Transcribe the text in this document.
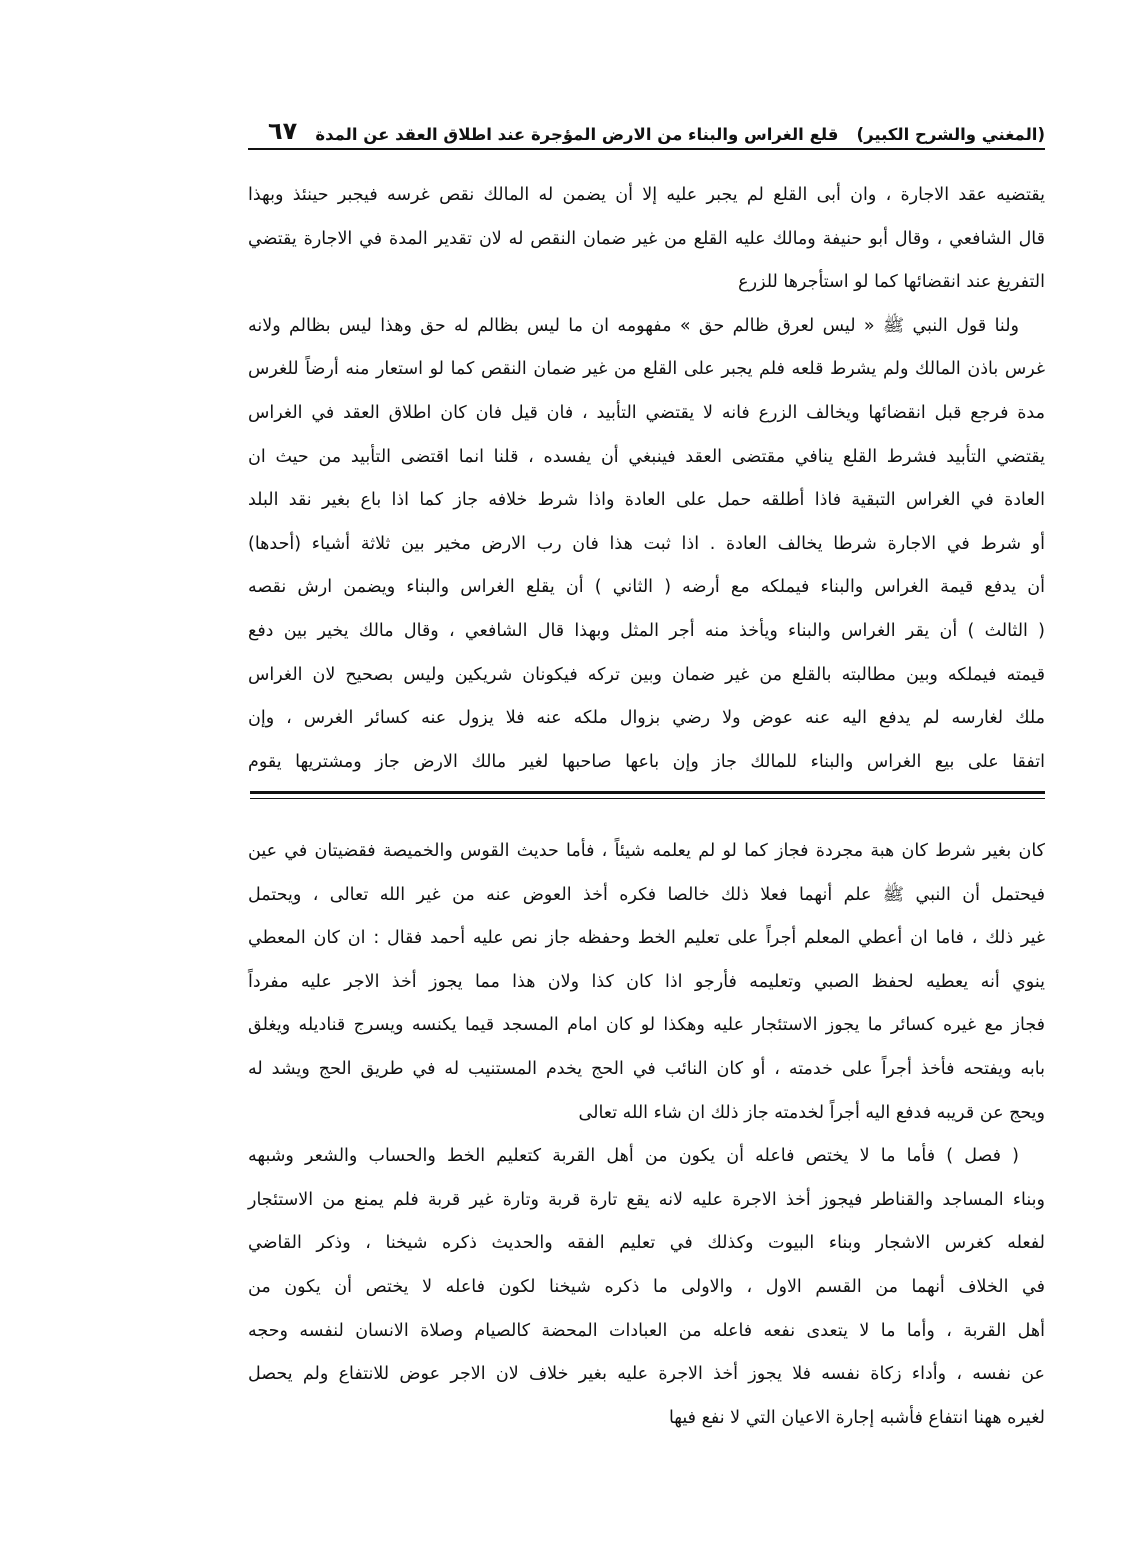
(المغني والشرح الكبير)
قلع الغراس والبناء من الارض المؤجرة عند اطلاق العقد عن المدة
٦٧
يقتضيه عقد الاجارة ، وان أبى القلع لم يجبر عليه إلا أن يضمن له المالك نقص غرسه فيجبر حينئذ وبهذا
قال الشافعي ، وقال أبو حنيفة ومالك عليه القلع من غير ضمان النقص له لان تقدير المدة في الاجارة يقتضي
التفريغ عند انقضائها كما لو استأجرها للزرع
ولنا قول النبي ﷺ « ليس لعرق ظالم حق » مفهومه ان ما ليس بظالم له حق وهذا ليس بظالم ولانه
غرس باذن المالك ولم يشرط قلعه فلم يجبر على القلع من غير ضمان النقص كما لو استعار منه أرضاً للغرس
مدة فرجع قبل انقضائها ويخالف الزرع فانه لا يقتضي التأبيد ، فان قيل فان كان اطلاق العقد في الغراس
يقتضي التأبيد فشرط القلع ينافي مقتضى العقد فينبغي أن يفسده ، قلنا انما اقتضى التأبيد من حيث ان
العادة في الغراس التبقية فاذا أطلقه حمل على العادة واذا شرط خلافه جاز كما اذا باع بغير نقد البلد
أو شرط في الاجارة شرطا يخالف العادة . اذا ثبت هذا فان رب الارض مخير بين ثلاثة أشياء (أحدها)
أن يدفع قيمة الغراس والبناء فيملكه مع أرضه ( الثاني ) أن يقلع الغراس والبناء ويضمن ارش نقصه
( الثالث ) أن يقر الغراس والبناء ويأخذ منه أجر المثل وبهذا قال الشافعي ، وقال مالك يخير بين دفع
قيمته فيملكه وبين مطالبته بالقلع من غير ضمان وبين تركه فيكونان شريكين وليس بصحيح لان الغراس
ملك لغارسه لم يدفع اليه عنه عوض ولا رضي بزوال ملكه عنه فلا يزول عنه كسائر الغرس ، وإن
اتفقا على بيع الغراس والبناء للمالك جاز وإن باعها صاحبها لغير مالك الارض جاز ومشتريها يقوم
كان بغير شرط كان هبة مجردة فجاز كما لو لم يعلمه شيئاً ، فأما حديث القوس والخميصة فقضيتان في عين
فيحتمل أن النبي ﷺ علم أنهما فعلا ذلك خالصا فكره أخذ العوض عنه من غير الله تعالى ، ويحتمل
غير ذلك ، فاما ان أعطي المعلم أجراً على تعليم الخط وحفظه جاز نص عليه أحمد فقال : ان كان المعطي
ينوي أنه يعطيه لحفظ الصبي وتعليمه فأرجو اذا كان كذا ولان هذا مما يجوز أخذ الاجر عليه مفرداً
فجاز مع غيره كسائر ما يجوز الاستئجار عليه وهكذا لو كان امام المسجد قيما يكنسه ويسرج قناديله ويغلق
بابه ويفتحه فأخذ أجراً على خدمته ، أو كان النائب في الحج يخدم المستنيب له في طريق الحج ويشد له
ويحج عن قريبه فدفع اليه أجراً لخدمته جاز ذلك ان شاء الله تعالى
( فصل ) فأما ما لا يختص فاعله أن يكون من أهل القربة كتعليم الخط والحساب والشعر وشبهه
وبناء المساجد والقناطر فيجوز أخذ الاجرة عليه لانه يقع تارة قربة وتارة غير قربة فلم يمنع من الاستئجار
لفعله كغرس الاشجار وبناء البيوت وكذلك في تعليم الفقه والحديث ذكره شيخنا ، وذكر القاضي
في الخلاف أنهما من القسم الاول ، والاولى ما ذكره شيخنا لكون فاعله لا يختص أن يكون من
أهل القربة ، وأما ما لا يتعدى نفعه فاعله من العبادات المحضة كالصيام وصلاة الانسان لنفسه وحجه
عن نفسه ، وأداء زكاة نفسه فلا يجوز أخذ الاجرة عليه بغير خلاف لان الاجر عوض للانتفاع ولم يحصل
لغيره ههنا انتفاع فأشبه إجارة الاعيان التي لا نفع فيها
